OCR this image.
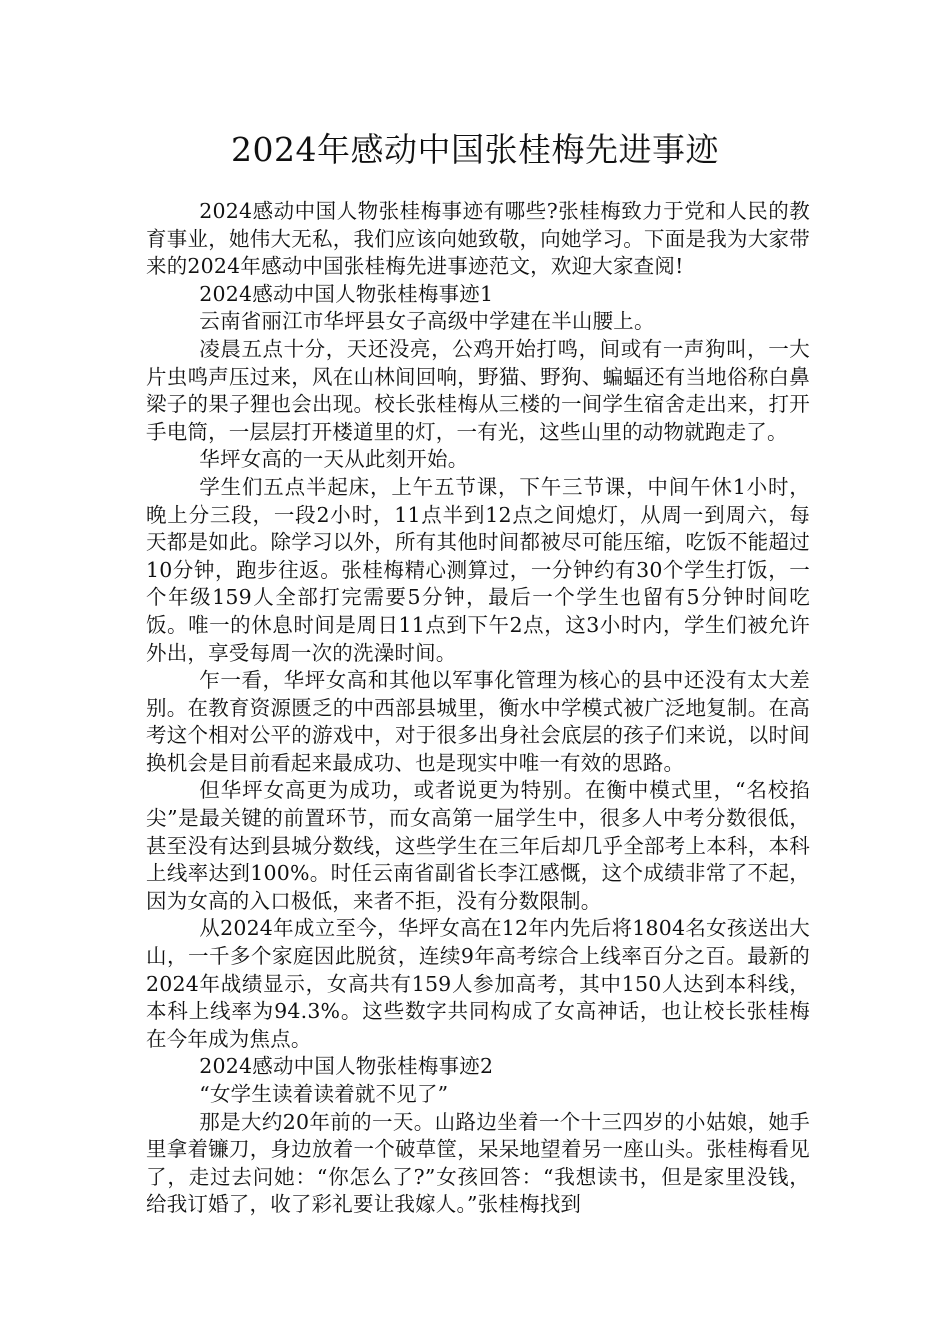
2024年感动中国张桂梅先进事迹

2024感动中国人物张桂梅事迹有哪些?张桂梅致力于党和人民的教育事业，她伟大无私，我们应该向她致敬，向她学习。下面是我为大家带来的2024年感动中国张桂梅先进事迹范文，欢迎大家查阅!

2024感动中国人物张桂梅事迹1

云南省丽江市华坪县女子高级中学建在半山腰上。

凌晨五点十分，天还没亮，公鸡开始打鸣，间或有一声狗叫，一大片虫鸣声压过来，风在山林间回响，野猫、野狗、蝙蝠还有当地俗称白鼻梁子的果子狸也会出现。校长张桂梅从三楼的一间学生宿舍走出来，打开手电筒，一层层打开楼道里的灯，一有光，这些山里的动物就跑走了。

华坪女高的一天从此刻开始。

学生们五点半起床，上午五节课，下午三节课，中间午休1小时，晚上分三段，一段2小时，11点半到12点之间熄灯，从周一到周六，每天都是如此。除学习以外，所有其他时间都被尽可能压缩，吃饭不能超过10分钟，跑步往返。张桂梅精心测算过，一分钟约有30个学生打饭，一个年级159人全部打完需要5分钟，最后一个学生也留有5分钟时间吃饭。唯一的休息时间是周日11点到下午2点，这3小时内，学生们被允许外出，享受每周一次的洗澡时间。

乍一看，华坪女高和其他以军事化管理为核心的县中还没有太大差别。在教育资源匮乏的中西部县城里，衡水中学模式被广泛地复制。在高考这个相对公平的游戏中，对于很多出身社会底层的孩子们来说，以时间换机会是目前看起来最成功、也是现实中唯一有效的思路。

但华坪女高更为成功，或者说更为特别。在衡中模式里，“名校掐尖”是最关键的前置环节，而女高第一届学生中，很多人中考分数很低，甚至没有达到县城分数线，这些学生在三年后却几乎全部考上本科，本科上线率达到100%。时任云南省副省长李江感慨，这个成绩非常了不起，因为女高的入口极低，来者不拒，没有分数限制。

从2024年成立至今，华坪女高在12年内先后将1804名女孩送出大山，一千多个家庭因此脱贫，连续9年高考综合上线率百分之百。最新的2024年战绩显示，女高共有159人参加高考，其中150人达到本科线，本科上线率为94.3%。这些数字共同构成了女高神话，也让校长张桂梅在今年成为焦点。

2024感动中国人物张桂梅事迹2

“女学生读着读着就不见了”

那是大约20年前的一天。山路边坐着一个十三四岁的小姑娘，她手里拿着镰刀，身边放着一个破草筐，呆呆地望着另一座山头。张桂梅看见了，走过去问她：“你怎么了?”女孩回答：“我想读书，但是家里没钱，给我订婚了，收了彩礼要让我嫁人。”张桂梅找到
